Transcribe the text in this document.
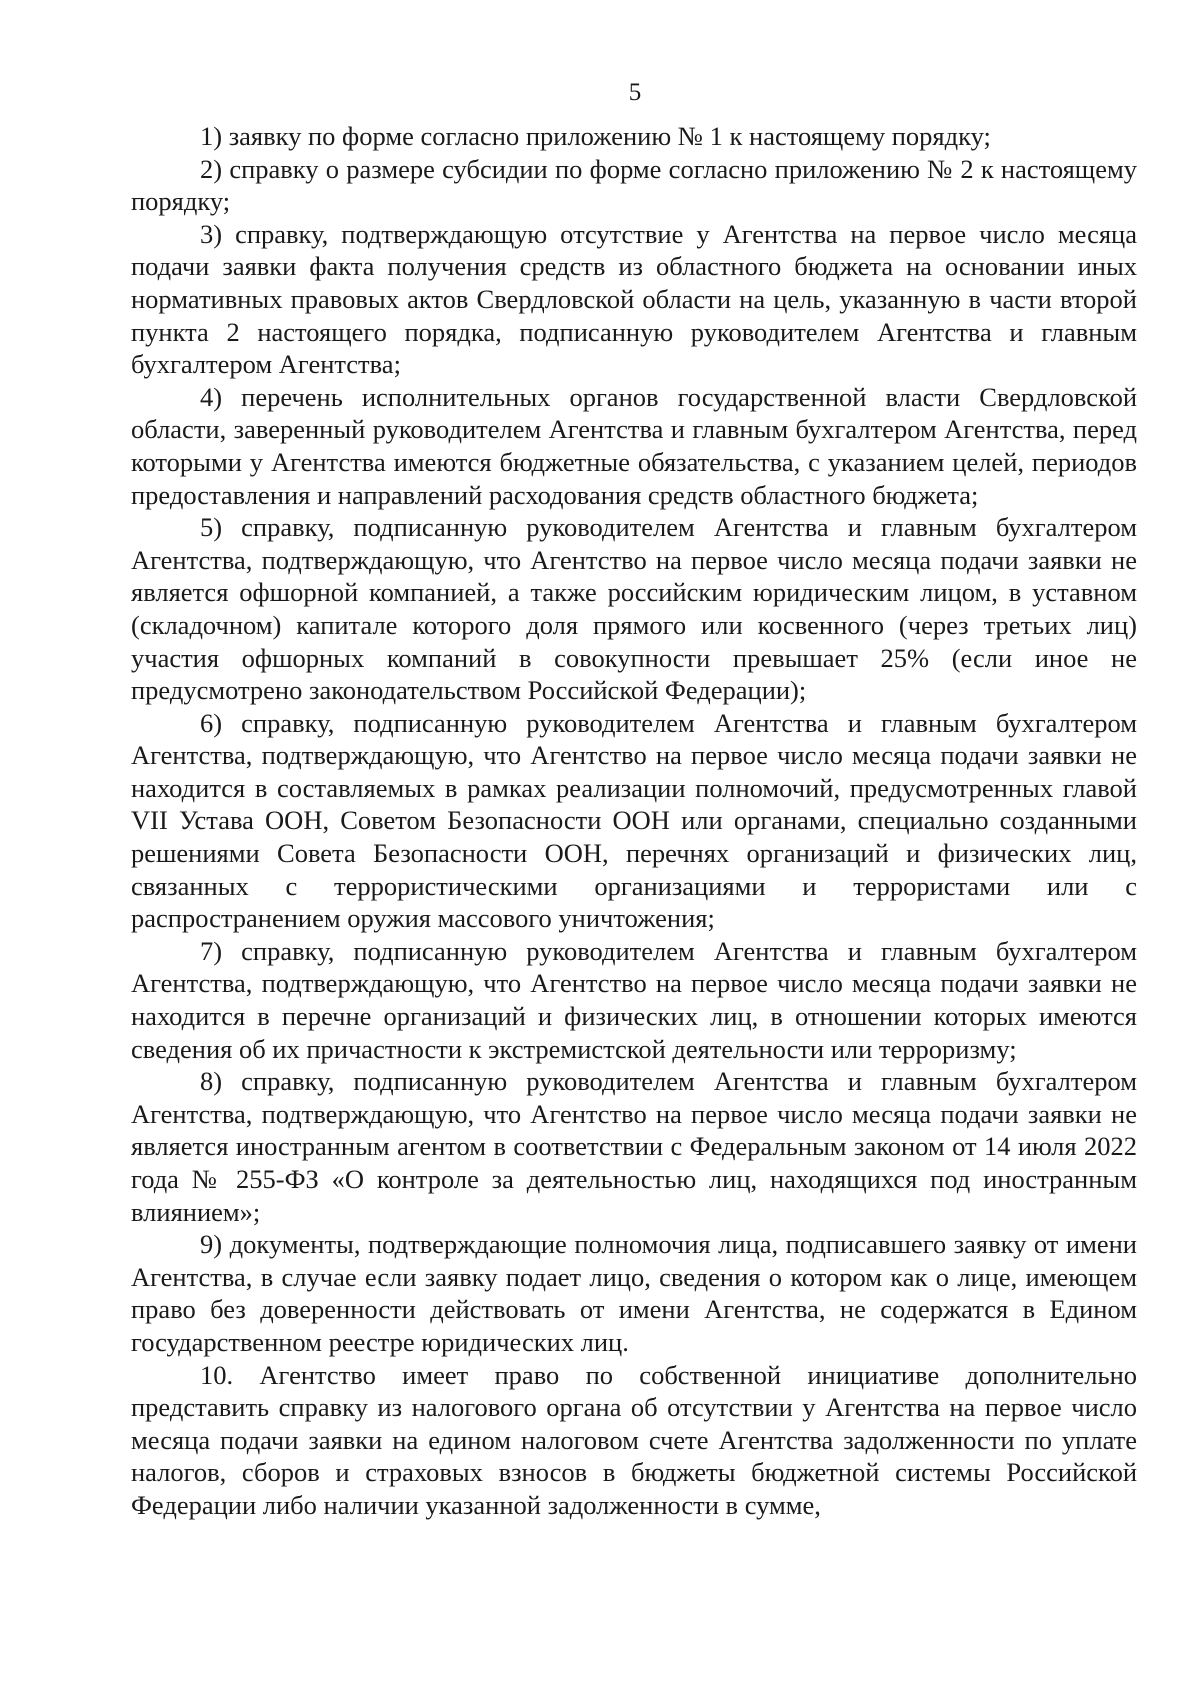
5

1) заявку по форме согласно приложению № 1 к настоящему порядку;

2) справку о размере субсидии по форме согласно приложению № 2 к настоящему порядку;

3) справку, подтверждающую отсутствие у Агентства на первое число месяца подачи заявки факта получения средств из областного бюджета на основании иных нормативных правовых актов Свердловской области на цель, указанную в части второй пункта 2 настоящего порядка, подписанную руководителем Агентства и главным бухгалтером Агентства;

4) перечень исполнительных органов государственной власти Свердловской области, заверенный руководителем Агентства и главным бухгалтером Агентства, перед которыми у Агентства имеются бюджетные обязательства, с указанием целей, периодов предоставления и направлений расходования средств областного бюджета;

5) справку, подписанную руководителем Агентства и главным бухгалтером Агентства, подтверждающую, что Агентство на первое число месяца подачи заявки не является офшорной компанией, а также российским юридическим лицом, в уставном (складочном) капитале которого доля прямого или косвенного (через третьих лиц) участия офшорных компаний в совокупности превышает 25% (если иное не предусмотрено законодательством Российской Федерации);

6) справку, подписанную руководителем Агентства и главным бухгалтером Агентства, подтверждающую, что Агентство на первое число месяца подачи заявки не находится в составляемых в рамках реализации полномочий, предусмотренных главой VII Устава ООН, Советом Безопасности ООН или органами, специально созданными решениями Совета Безопасности ООН, перечнях организаций и физических лиц, связанных с террористическими организациями и террористами или с распространением оружия массового уничтожения;

7) справку, подписанную руководителем Агентства и главным бухгалтером Агентства, подтверждающую, что Агентство на первое число месяца подачи заявки не находится в перечне организаций и физических лиц, в отношении которых имеются сведения об их причастности к экстремистской деятельности или терроризму;

8) справку, подписанную руководителем Агентства и главным бухгалтером Агентства, подтверждающую, что Агентство на первое число месяца подачи заявки не является иностранным агентом в соответствии с Федеральным законом от 14 июля 2022 года № 255-ФЗ «О контроле за деятельностью лиц, находящихся под иностранным влиянием»;

9) документы, подтверждающие полномочия лица, подписавшего заявку от имени Агентства, в случае если заявку подает лицо, сведения о котором как о лице, имеющем право без доверенности действовать от имени Агентства, не содержатся в Едином государственном реестре юридических лиц.

10. Агентство имеет право по собственной инициативе дополнительно представить справку из налогового органа об отсутствии у Агентства на первое число месяца подачи заявки на едином налоговом счете Агентства задолженности по уплате налогов, сборов и страховых взносов в бюджеты бюджетной системы Российской Федерации либо наличии указанной задолженности в сумме,
